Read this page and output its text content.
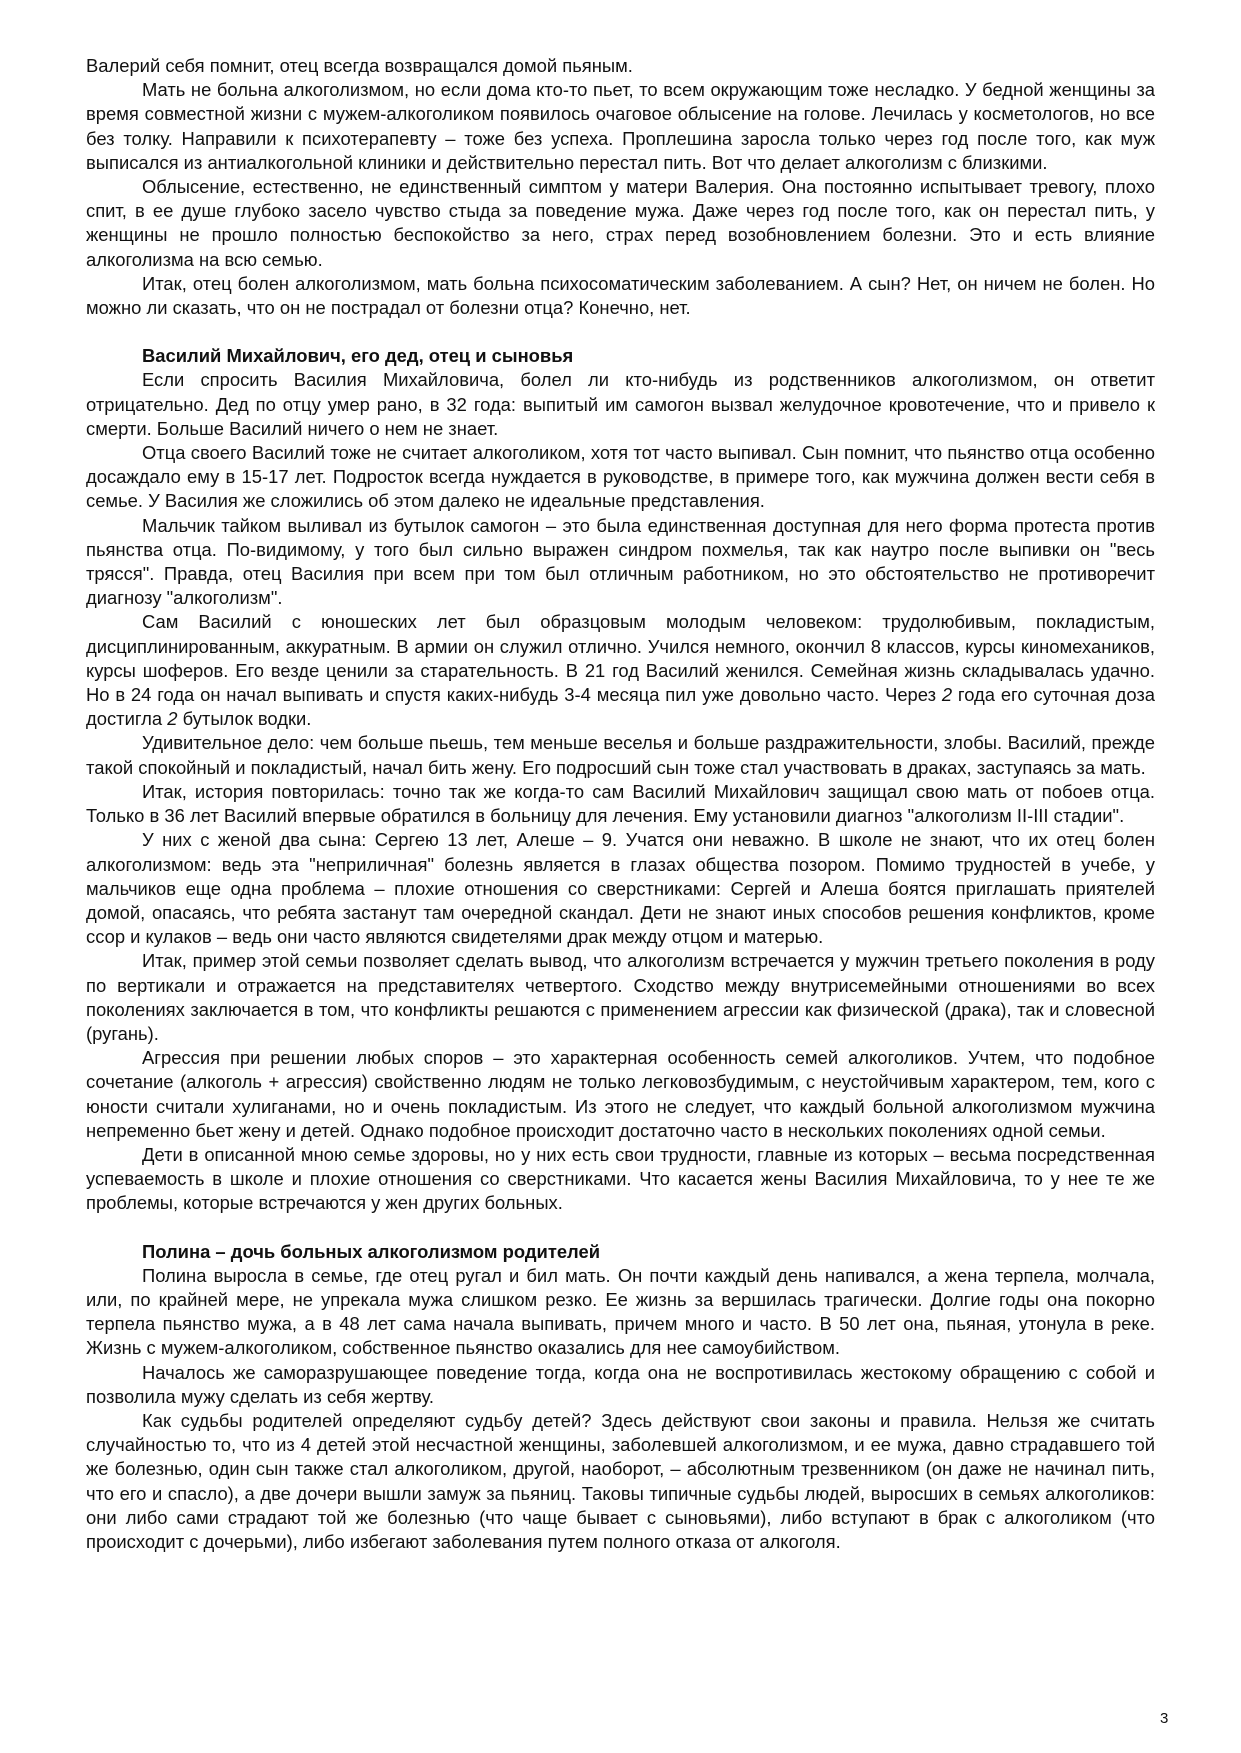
Валерий себя помнит, отец всегда возвращался домой пьяным.

Мать не больна алкоголизмом, но если дома кто-то пьет, то всем окружающим тоже несладко. У бедной женщины за время совместной жизни с мужем-алкоголиком появилось очаговое облысение на голове. Лечилась у косметологов, но все без толку. Направили к психотерапевту – тоже без успеха. Проплешина заросла только через год после того, как муж выписался из антиалкогольной клиники и действительно перестал пить. Вот что делает алкоголизм с близкими.

Облысение, естественно, не единственный симптом у матери Валерия. Она постоянно испытывает тревогу, плохо спит, в ее душе глубоко засело чувство стыда за поведение мужа. Даже через год после того, как он перестал пить, у женщины не прошло полностью беспокойство за него, страх перед возобновлением болезни. Это и есть влияние алкоголизма на всю семью.

Итак, отец болен алкоголизмом, мать больна психосоматическим заболеванием. А сын? Нет, он ничем не болен. Но можно ли сказать, что он не пострадал от болезни отца? Конечно, нет.

Василий Михайлович, его дед, отец и сыновья

Если спросить Василия Михайловича, болел ли кто-нибудь из родственников алкоголизмом, он ответит отрицательно. Дед по отцу умер рано, в 32 года: выпитый им самогон вызвал желудочное кровотечение, что и привело к смерти. Больше Василий ничего о нем не знает.

Отца своего Василий тоже не считает алкоголиком, хотя тот часто выпивал. Сын помнит, что пьянство отца особенно досаждало ему в 15-17 лет. Подросток всегда нуждается в руководстве, в примере того, как мужчина должен вести себя в семье. У Василия же сложились об этом далеко не идеальные представления.

Мальчик тайком выливал из бутылок самогон – это была единственная доступная для него форма протеста против пьянства отца. По-видимому, у того был сильно выражен синдром похмелья, так как наутро после выпивки он "весь трясся". Правда, отец Василия при всем при том был отличным работником, но это обстоятельство не противоречит диагнозу "алкоголизм".

Сам Василий с юношеских лет был образцовым молодым человеком: трудолюбивым, покладистым, дисциплинированным, аккуратным. В армии он служил отлично. Учился немного, окончил 8 классов, курсы киномехаников, курсы шоферов. Его везде ценили за старательность. В 21 год Василий женился. Семейная жизнь складывалась удачно. Но в 24 года он начал выпивать и спустя каких-нибудь 3-4 месяца пил уже довольно часто. Через 2 года его суточная доза достигла 2 бутылок водки.

Удивительное дело: чем больше пьешь, тем меньше веселья и больше раздражительности, злобы. Василий, прежде такой спокойный и покладистый, начал бить жену. Его подросший сын тоже стал участвовать в драках, заступаясь за мать.

Итак, история повторилась: точно так же когда-то сам Василий Михайлович защищал свою мать от побоев отца. Только в 36 лет Василий впервые обратился в больницу для лечения. Ему установили диагноз "алкоголизм II-III стадии".

У них с женой два сына: Сергею 13 лет, Алеше – 9. Учатся они неважно. В школе не знают, что их отец болен алкоголизмом: ведь эта "неприличная" болезнь является в глазах общества позором. Помимо трудностей в учебе, у мальчиков еще одна проблема – плохие отношения со сверстниками: Сергей и Алеша боятся приглашать приятелей домой, опасаясь, что ребята застанут там очередной скандал. Дети не знают иных способов решения конфликтов, кроме ссор и кулаков – ведь они часто являются свидетелями драк между отцом и матерью.

Итак, пример этой семьи позволяет сделать вывод, что алкоголизм встречается у мужчин третьего поколения в роду по вертикали и отражается на представителях четвертого. Сходство между внутрисемейными отношениями во всех поколениях заключается в том, что конфликты решаются с применением агрессии как физической (драка), так и словесной (ругань).

Агрессия при решении любых споров – это характерная особенность семей алкоголиков. Учтем, что подобное сочетание (алкоголь + агрессия) свойственно людям не только легковозбудимым, с неустойчивым характером, тем, кого с юности считали хулиганами, но и очень покладистым. Из этого не следует, что каждый больной алкоголизмом мужчина непременно бьет жену и детей. Однако подобное происходит достаточно часто в нескольких поколениях одной семьи.

Дети в описанной мною семье здоровы, но у них есть свои трудности, главные из которых – весьма посредственная успеваемость в школе и плохие отношения со сверстниками. Что касается жены Василия Михайловича, то у нее те же проблемы, которые встречаются у жен других больных.

Полина – дочь больных алкоголизмом родителей

Полина выросла в семье, где отец ругал и бил мать. Он почти каждый день напивался, а жена терпела, молчала, или, по крайней мере, не упрекала мужа слишком резко. Ее жизнь за вершилась трагически. Долгие годы она покорно терпела пьянство мужа, а в 48 лет сама начала выпивать, причем много и часто. В 50 лет она, пьяная, утонула в реке. Жизнь с мужем-алкоголиком, собственное пьянство оказались для нее самоубийством.

Началось же саморазрушающее поведение тогда, когда она не воспротивилась жестокому обращению с собой и позволила мужу сделать из себя жертву.

Как судьбы родителей определяют судьбу детей? Здесь действуют свои законы и правила. Нельзя же считать случайностью то, что из 4 детей этой несчастной женщины, заболевшей алкоголизмом, и ее мужа, давно страдавшего той же болезнью, один сын также стал алкоголиком, другой, наоборот, – абсолютным трезвенником (он даже не начинал пить, что его и спасло), а две дочери вышли замуж за пьяниц. Таковы типичные судьбы людей, выросших в семьях алкоголиков: они либо сами страдают той же болезнью (что чаще бывает с сыновьями), либо вступают в брак с алкоголиком (что происходит с дочерьми), либо избегают заболевания путем полного отказа от алкоголя.

3
